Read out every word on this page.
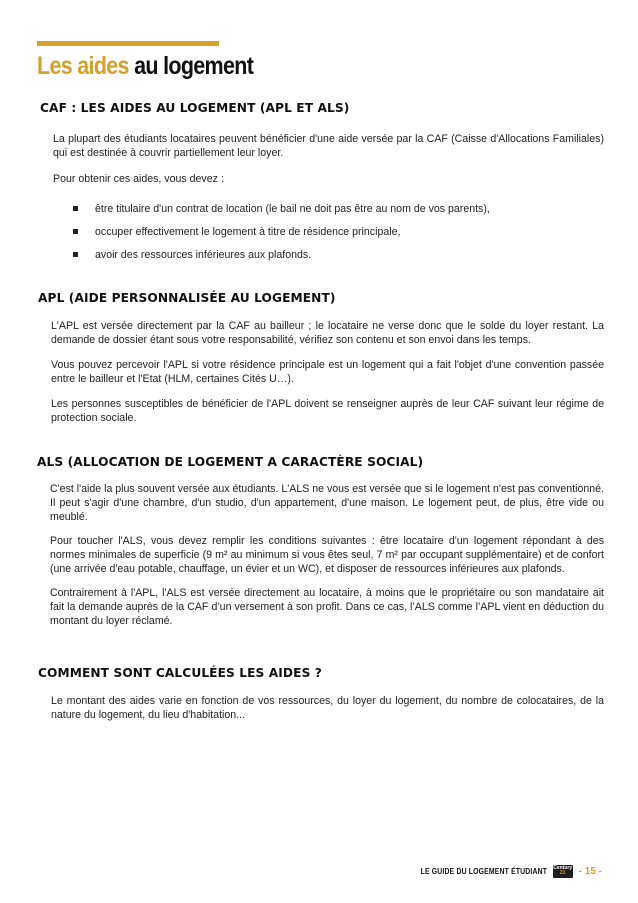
Les aides au logement
CAF : LES AIDES AU LOGEMENT (APL ET ALS)

La plupart des étudiants locataires peuvent bénéficier d'une aide versée par la CAF (Caisse d'Allocations Familiales) qui est destinée à couvrir partiellement leur loyer.

Pour obtenir ces aides, vous devez :

être titulaire d'un contrat de location (le bail ne doit pas être au nom de vos parents),
occuper effectivement le logement à titre de résidence principale,
avoir des ressources inférieures aux plafonds.
APL (AIDE PERSONNALISÉE AU LOGEMENT)

L'APL est versée directement par la CAF au bailleur ; le locataire ne verse donc que le solde du loyer restant. La demande de dossier étant sous votre responsabilité, vérifiez son contenu et son envoi dans les temps.

Vous pouvez percevoir l'APL si votre résidence principale est un logement qui a fait l'objet d'une convention passée entre le bailleur et l'Etat (HLM, certaines Cités U…).

Les personnes susceptibles de bénéficier de l'APL doivent se renseigner auprès de leur CAF suivant leur régime de protection sociale.

ALS (ALLOCATION DE LOGEMENT A CARACTÈRE SOCIAL)

C'est l'aide la plus souvent versée aux étudiants. L'ALS ne vous est versée que si le logement n'est pas conventionné. Il peut s'agir d'une chambre, d'un studio, d'un appartement, d'une maison. Le logement peut, de plus, être vide ou meublé.

Pour toucher l'ALS, vous devez remplir les conditions suivantes : être locataire d'un logement répondant à des normes minimales de superficie (9 m² au minimum si vous êtes seul, 7 m² par occupant supplémentaire) et de confort (une arrivée d'eau potable, chauffage, un évier et un WC), et disposer de ressources inférieures aux plafonds.

Contrairement à l'APL, l'ALS est versée directement au locataire, à moins que le propriétaire ou son mandataire ait fait la demande auprès de la CAF d’un versement à son profit. Dans ce cas, l’ALS comme l’APL vient en déduction du montant du loyer réclamé.

COMMENT SONT CALCULÉES LES AIDES ?

Le montant des aides varie en fonction de vos ressources, du loyer du logement, du nombre de colocataires, de la nature du logement, du lieu d'habitation...

LE GUIDE DU LOGEMENT ÉTUDIANT Century
21	- 15 -
